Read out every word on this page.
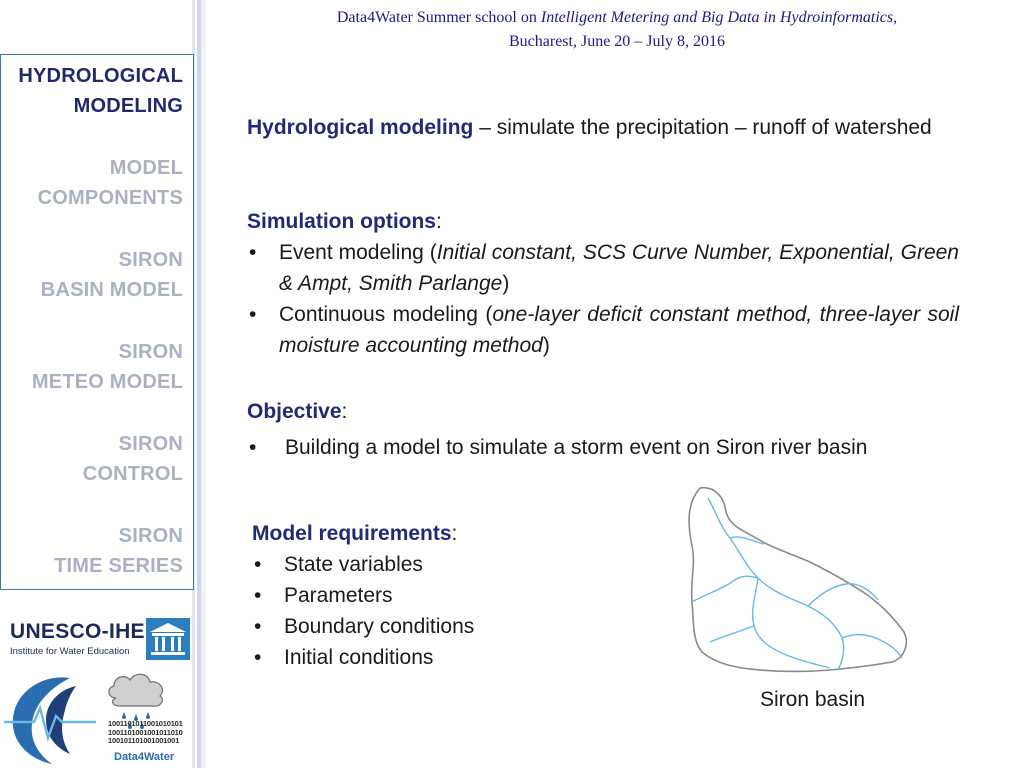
Data4Water Summer school on Intelligent Metering and Big Data in Hydroinformatics,
Bucharest, June 20 – July 8, 2016
HYDROLOGICAL
MODELING
MODEL
COMPONENTS
SIRON
BASIN MODEL
SIRON
METEO MODEL
SIRON
CONTROL
SIRON
TIME SERIES

Hydrological modeling – simulate the precipitation – runoff of watershed

Simulation options:

• Event modeling (Initial constant, SCS Curve Number, Exponential, Green & Ampt, Smith Parlange)

• Continuous modeling (one-layer deficit constant method, three-layer soil moisture accounting method)

Objective:

• Building a model to simulate a storm event on Siron river basin

Model requirements:

• State variables

• Parameters

• Boundary conditions

• Initial conditions

Siron basin
UNESCO-IHE
Institute for Water Education
1001101011001010101
1001101001001011010
100101101001001001
Data4Water
